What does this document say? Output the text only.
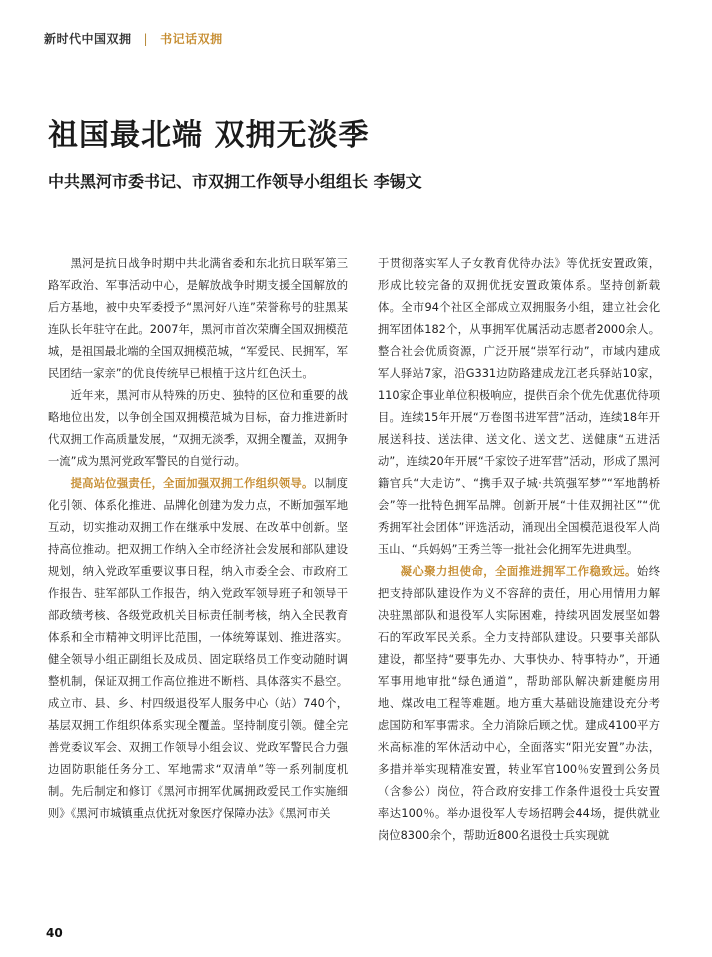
新时代中国双拥 | 书记话双拥
祖国最北端 双拥无淡季
中共黑河市委书记、市双拥工作领导小组组长 李锡文

黑河是抗日战争时期中共北满省委和东北抗日联军第三路军政治、军事活动中心，是解放战争时期支援全国解放的后方基地，被中央军委授予“黑河好八连”荣誉称号的驻黑某连队长年驻守在此。2007年，黑河市首次荣膺全国双拥模范城，是祖国最北端的全国双拥模范城，“军爱民、民拥军，军民团结一家亲”的优良传统早已根植于这片红色沃土。

近年来，黑河市从特殊的历史、独特的区位和重要的战略地位出发，以争创全国双拥模范城为目标，奋力推进新时代双拥工作高质量发展，“双拥无淡季，双拥全覆盖，双拥争一流”成为黑河党政军警民的自觉行动。

提高站位强责任，全面加强双拥工作组织领导。以制度化引领、体系化推进、品牌化创建为发力点，不断加强军地互动，切实推动双拥工作在继承中发展、在改革中创新。坚持高位推动。把双拥工作纳入全市经济社会发展和部队建设规划，纳入党政军重要议事日程，纳入市委全会、市政府工作报告、驻军部队工作报告，纳入党政军领导班子和领导干部政绩考核、各级党政机关目标责任制考核，纳入全民教育体系和全市精神文明评比范围，一体统筹谋划、推进落实。健全领导小组正副组长及成员、固定联络员工作变动随时调整机制，保证双拥工作高位推进不断档、具体落实不悬空。成立市、县、乡、村四级退役军人服务中心（站）740个，基层双拥工作组织体系实现全覆盖。坚持制度引领。健全完善党委议军会、双拥工作领导小组会议、党政军警民合力强边固防职能任务分工、军地需求“双清单”等一系列制度机制。先后制定和修订《黑河市拥军优属拥政爱民工作实施细则》《黑河市城镇重点优抚对象医疗保障办法》《黑河市关

于贯彻落实军人子女教育优待办法》等优抚安置政策，形成比较完备的双拥优抚安置政策体系。坚持创新载体。全市94个社区全部成立双拥服务小组，建立社会化拥军团体182个，从事拥军优属活动志愿者2000余人。整合社会优质资源，广泛开展“崇军行动”，市域内建成军人驿站7家，沿G331边防路建成龙江老兵驿站10家，110家企事业单位积极响应，提供百余个优先优惠优待项目。连续15年开展“万卷图书进军营”活动，连续18年开展送科技、送法律、送文化、送文艺、送健康“五进活动”，连续20年开展“千家饺子进军营”活动，形成了黑河籍官兵“大走访”、“携手双子城·共筑强军梦”“军地鹊桥会”等一批特色拥军品牌。创新开展“十佳双拥社区”“优秀拥军社会团体”评选活动，涌现出全国模范退役军人尚玉山、“兵妈妈”王秀兰等一批社会化拥军先进典型。

凝心聚力担使命，全面推进拥军工作稳致远。始终把支持部队建设作为义不容辞的责任，用心用情用力解决驻黑部队和退役军人实际困难，持续巩固发展坚如磐石的军政军民关系。全力支持部队建设。只要事关部队建设，都坚持“要事先办、大事快办、特事特办”，开通军事用地审批“绿色通道”，帮助部队解决新建艇房用地、煤改电工程等难题。地方重大基础设施建设充分考虑国防和军事需求。全力消除后顾之忧。建成4100平方米高标准的军休活动中心，全面落实“阳光安置”办法，多措并举实现精准安置，转业军官100％安置到公务员（含参公）岗位，符合政府安排工作条件退役士兵安置率达100％。举办退役军人专场招聘会44场，提供就业岗位8300余个，帮助近800名退役士兵实现就

40
